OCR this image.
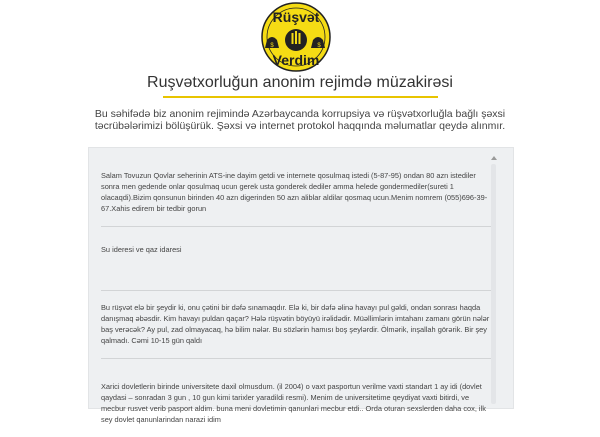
Rüşvət
Verdim
$	$
Ruşvətxorluğun anonim rejimdə müzakirəsi

Bu səhifədə biz anonim rejimində Azərbaycanda korrupsiya və rüşvətxorluğla bağlı şəxsi təcrübələrimizi bölüşürük. Şəxsi və internet protokol haqqında məlumatlar qeydə alınmır.

Salam Tovuzun Qovlar seherinin ATS-ine dayim getdi ve internete qosulmaq istedi (5-87-95) ondan 80 azn istediler sonra men gedende onlar qosulmaq ucun gerek usta gonderek dediler amma helede gondermediler(sureti 1 olacaqdi).Bizim qonsunun birinden 40 azn digerinden 50 azn aliblar aldilar qosmaq ucun.Menim nomrem (055)696-39-67.Xahis edirem bir tedbir gorun

Su ideresi ve qaz idaresi

Bu rüşvət elə bir şeydir ki, onu çətini bir dəfə sınamaqdır. Elə ki, bir dəfə əlinə havayı pul gəldi, ondan sonrası haqda danışmaq əbəsdir. Kim havayı puldan qaçar? Hələ rüşvətin böyüyü irəlidədir. Müəllimlərin imtahanı zamanı görün nələr baş verəcək? Ay pul, zad olmayacaq, hə bilim nələr. Bu sözlərin hamısı boş şeylərdir. Ölmərik, inşallah görərik. Bir şey qalmadı. Cəmi 10-15 gün qaldı

Xarici dovletlerin birinde universitete daxil olmusdum. (il 2004) o vaxt pasportun verilme vaxti standart 1 ay idi (dovlet qaydasi – sonradan 3 gun , 10 gun kimi tarixler yaradildi resmi). Menim de universitetime qeydiyat vaxti bitirdi, ve mecbur rusvet verib pasport aldim. buna meni dovletimin qanunlari mecbur etdi.. Orda oturan sexslerden daha cox, ilk sey dovlet qanunlarindan narazi idim
